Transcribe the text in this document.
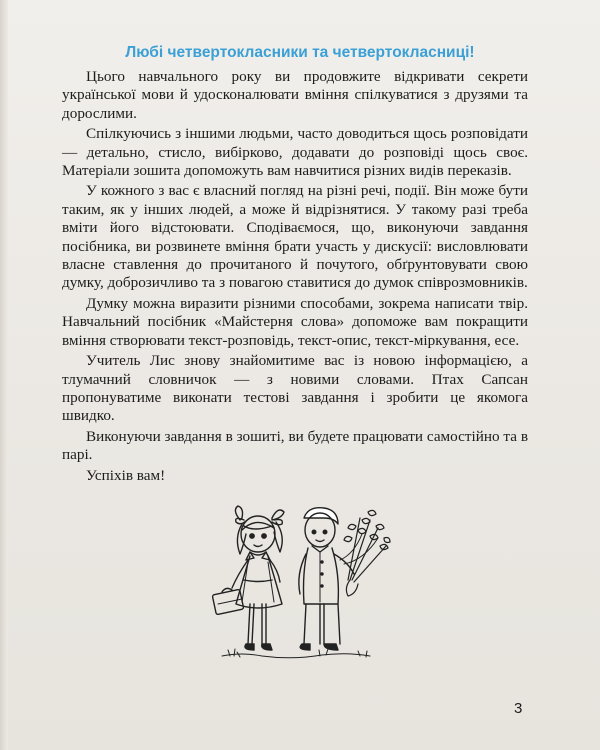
Любі четвертокласники та четвертокласниці!

Цього навчального року ви продовжите відкривати секрети української мови й удосконалювати вміння спілкуватися з друзями та дорослими.

Спілкуючись з іншими людьми, часто доводиться щось розповідати — детально, стисло, вибірково, додавати до розповіді щось своє. Матеріали зошита допоможуть вам навчитися різних видів переказів.

У кожного з вас є власний погляд на різні речі, події. Він може бути таким, як у інших людей, а може й відрізнятися. У такому разі треба вміти його відстоювати. Сподіваємося, що, виконуючи завдання посібника, ви розвинете вміння брати участь у дискусії: висловлювати власне ставлення до прочитаного й почутого, обґрунтовувати свою думку, доброзичливо та з повагою ставитися до думок співрозмовників.

Думку можна виразити різними способами, зокрема написати твір. Навчальний посібник «Майстерня слова» допоможе вам покращити вміння створювати текст-розповідь, текст-опис, текст-міркування, есе.

Учитель Лис знову знайомитиме вас із новою інформацією, а тлумачний словничок — з новими словами. Птах Сапсан пропонуватиме виконати тестові завдання і зробити це якомога швидко.

Виконуючи завдання в зошиті, ви будете працювати самостійно та в парі.

Успіхів вам!

3
